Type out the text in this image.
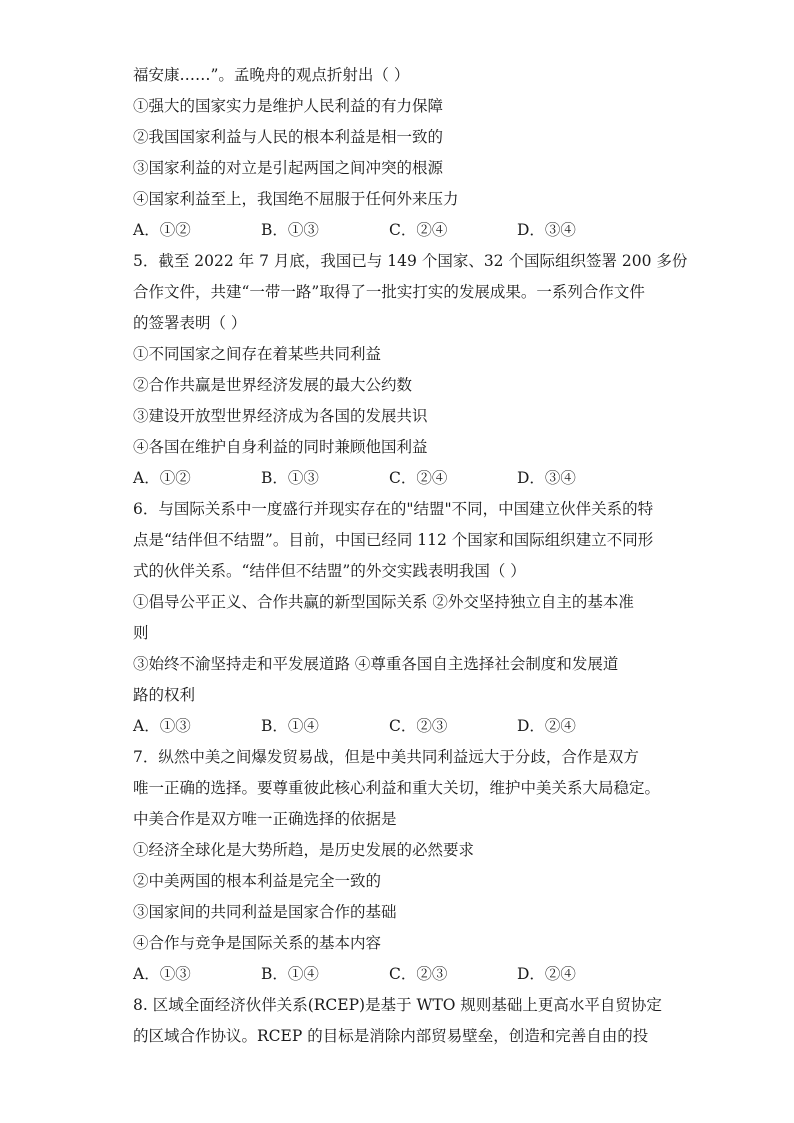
福安康……”。孟晚舟的观点折射出（ ）
①强大的国家实力是维护人民利益的有力保障
②我国国家利益与人民的根本利益是相一致的
③国家利益的对立是引起两国之间冲突的根源
④国家利益至上，我国绝不屈服于任何外来压力
A．①②	B．①③	C．②④	D．③④
5．截至 2022 年 7 月底，我国已与 149 个国家、32 个国际组织签署 200 多份
合作文件，共建“一带一路”取得了一批实打实的发展成果。一系列合作文件
的签署表明（ ）
①不同国家之间存在着某些共同利益
②合作共赢是世界经济发展的最大公约数
③建设开放型世界经济成为各国的发展共识
④各国在维护自身利益的同时兼顾他国利益
A．①②	B．①③	C．②④	D．③④
6．与国际关系中一度盛行并现实存在的"结盟"不同，中国建立伙伴关系的特
点是“结伴但不结盟”。目前，中国已经同 112 个国家和国际组织建立不同形
式的伙伴关系。“结伴但不结盟”的外交实践表明我国（ ）
①倡导公平正义、合作共赢的新型国际关系 ②外交坚持独立自主的基本准
则
③始终不渝坚持走和平发展道路 ④尊重各国自主选择社会制度和发展道
路的权利
A．①③	B．①④	C．②③	D．②④
7．纵然中美之间爆发贸易战，但是中美共同利益远大于分歧，合作是双方
唯一正确的选择。要尊重彼此核心利益和重大关切，维护中美关系大局稳定。
中美合作是双方唯一正确选择的依据是
①经济全球化是大势所趋，是历史发展的必然要求
②中美两国的根本利益是完全一致的
③国家间的共同利益是国家合作的基础
④合作与竞争是国际关系的基本内容
A．①③	B．①④	C．②③	D．②④
8. 区域全面经济伙伴关系(RCEP)是基于 WTO 规则基础上更高水平自贸协定
的区域合作协议。RCEP 的目标是消除内部贸易壁垒，创造和完善自由的投
